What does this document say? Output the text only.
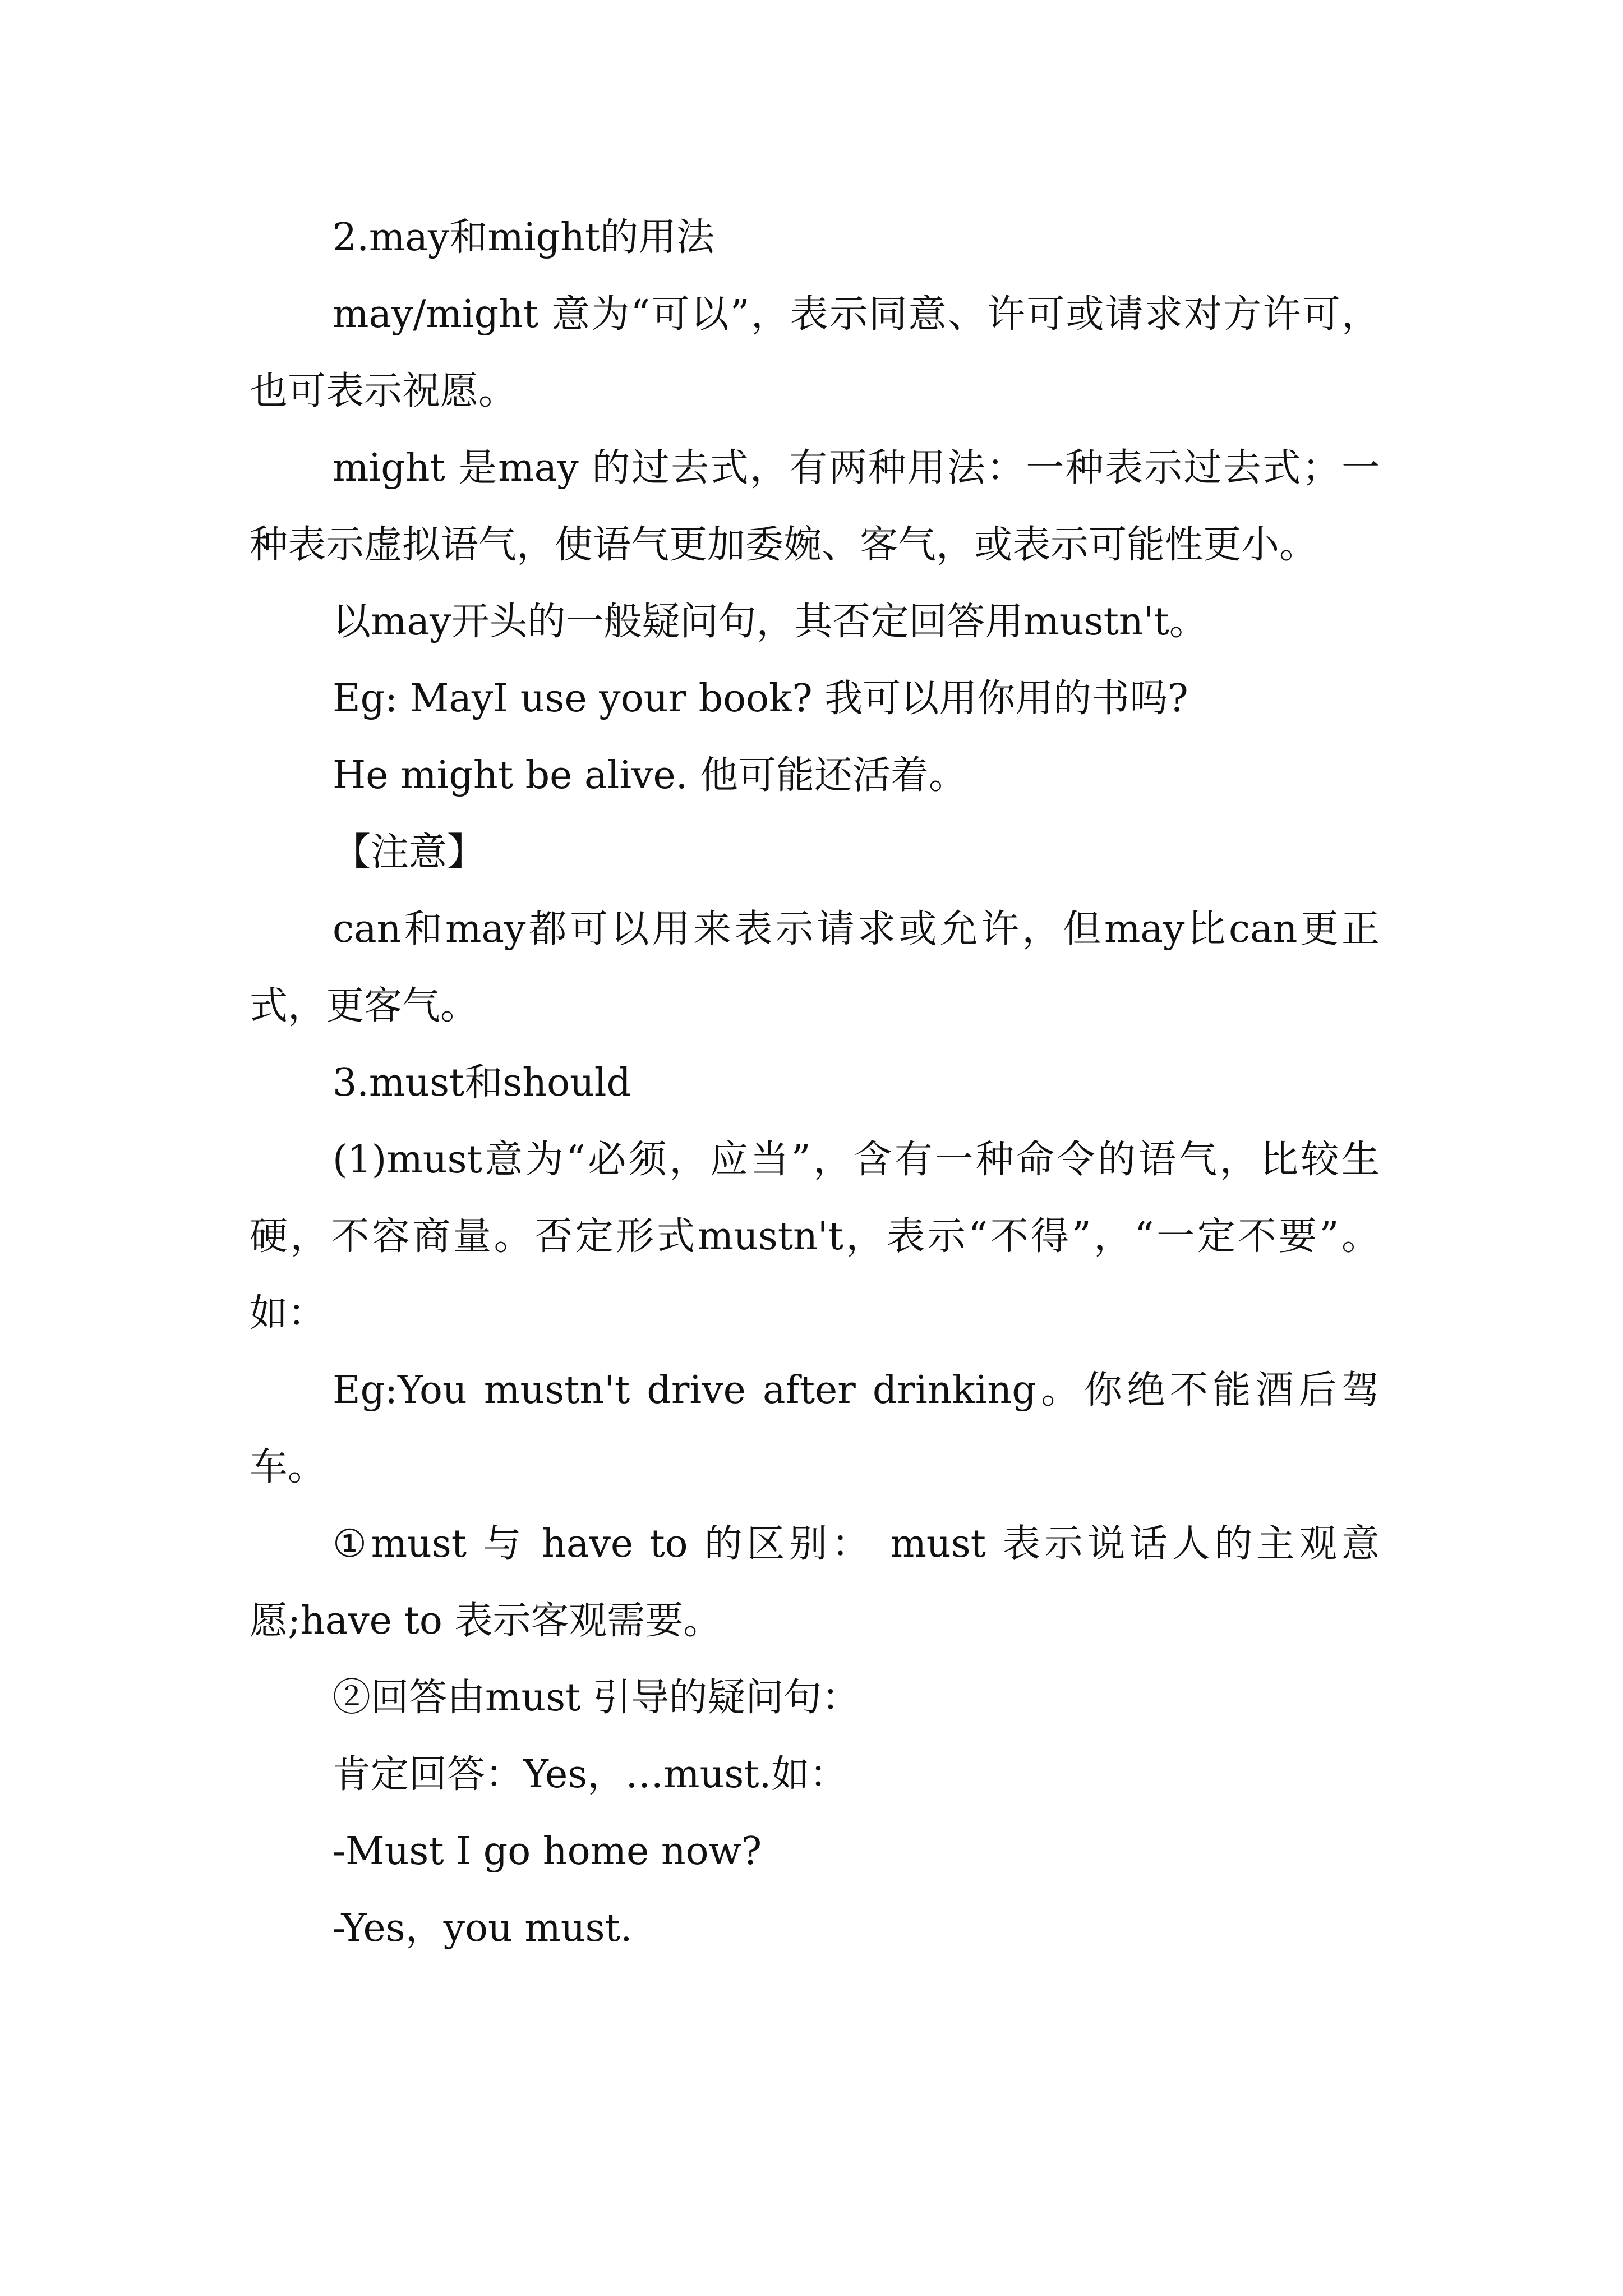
2.may和might的用法

may/might 意为“可以”，表示同意、许可或请求对方许可，也可表示祝愿。

might 是may 的过去式，有两种用法：一种表示过去式；一种表示虚拟语气，使语气更加委婉、客气，或表示可能性更小。

以may开头的一般疑问句，其否定回答用mustn't。

Eg: MayI use your book? 我可以用你用的书吗?

He might be alive. 他可能还活着。

【注意】

can和may都可以用来表示请求或允许，但may比can更正式，更客气。

3.must和should

(1)must意为“必须，应当”，含有一种命令的语气，比较生硬，不容商量。否定形式mustn't，表示“不得”，“一定不要”。如：

Eg:You mustn't drive after drinking。你绝不能酒后驾车。

①must 与 have to 的区别： must 表示说话人的主观意愿;have to 表示客观需要。

②回答由must 引导的疑问句：

肯定回答：Yes，…must.如：

-Must I go home now?

-Yes，you must.
